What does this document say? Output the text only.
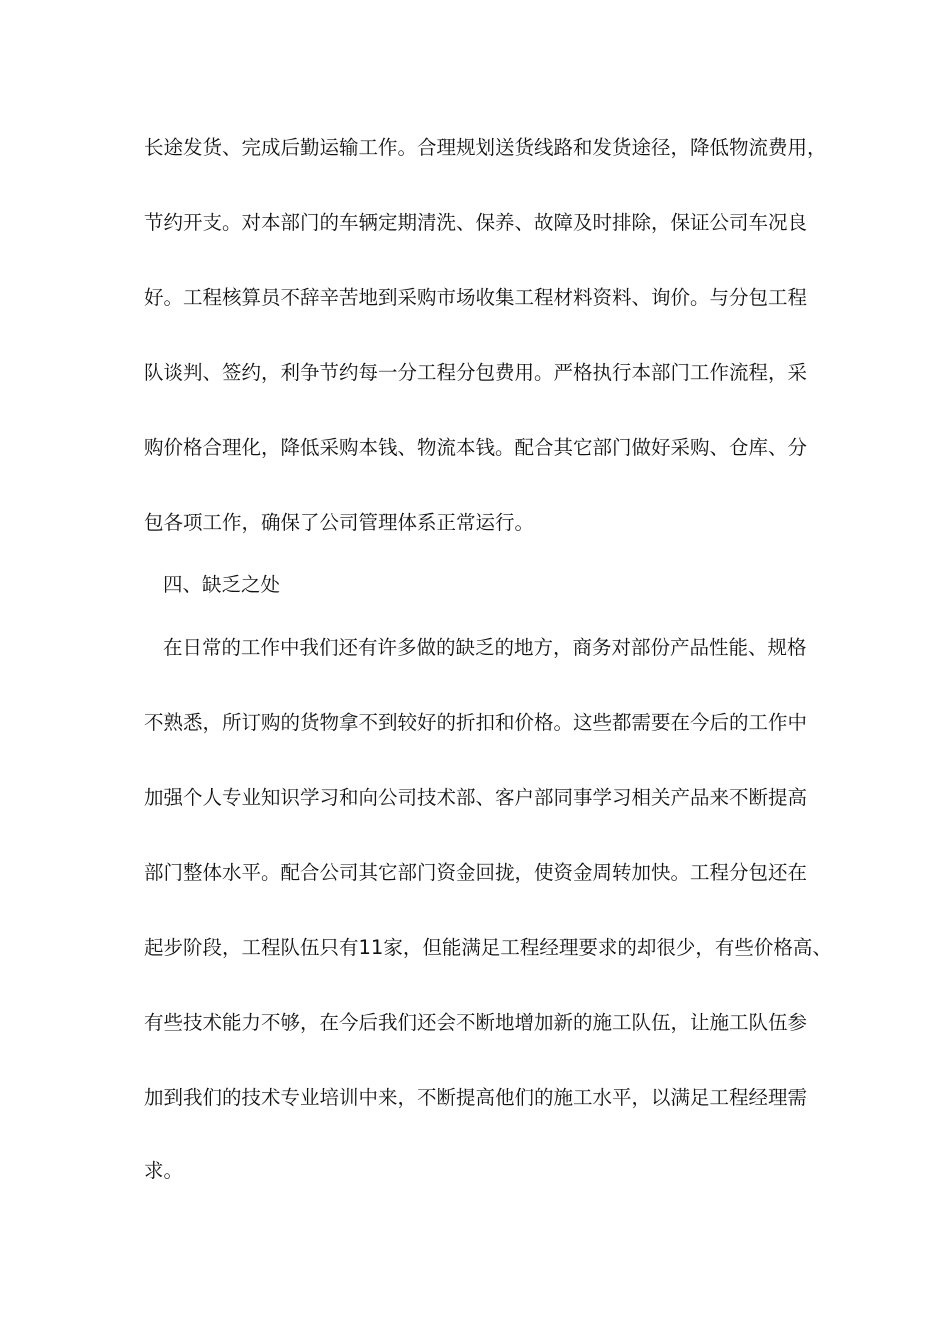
长途发货、完成后勤运输工作。合理规划送货线路和发货途径，降低物流费用，
节约开支。对本部门的车辆定期清洗、保养、故障及时排除，保证公司车况良
好。工程核算员不辞辛苦地到采购市场收集工程材料资料、询价。与分包工程
队谈判、签约，利争节约每一分工程分包费用。严格执行本部门工作流程，采
购价格合理化，降低采购本钱、物流本钱。配合其它部门做好采购、仓库、分
包各项工作，确保了公司管理体系正常运行。
四、缺乏之处
在日常的工作中我们还有许多做的缺乏的地方，商务对部份产品性能、规格
不熟悉，所订购的货物拿不到较好的折扣和价格。这些都需要在今后的工作中
加强个人专业知识学习和向公司技术部、客户部同事学习相关产品来不断提高
部门整体水平。配合公司其它部门资金回拢，使资金周转加快。工程分包还在
起步阶段，工程队伍只有11家，但能满足工程经理要求的却很少，有些价格高、
有些技术能力不够，在今后我们还会不断地增加新的施工队伍，让施工队伍参
加到我们的技术专业培训中来，不断提高他们的施工水平，以满足工程经理需
求。
